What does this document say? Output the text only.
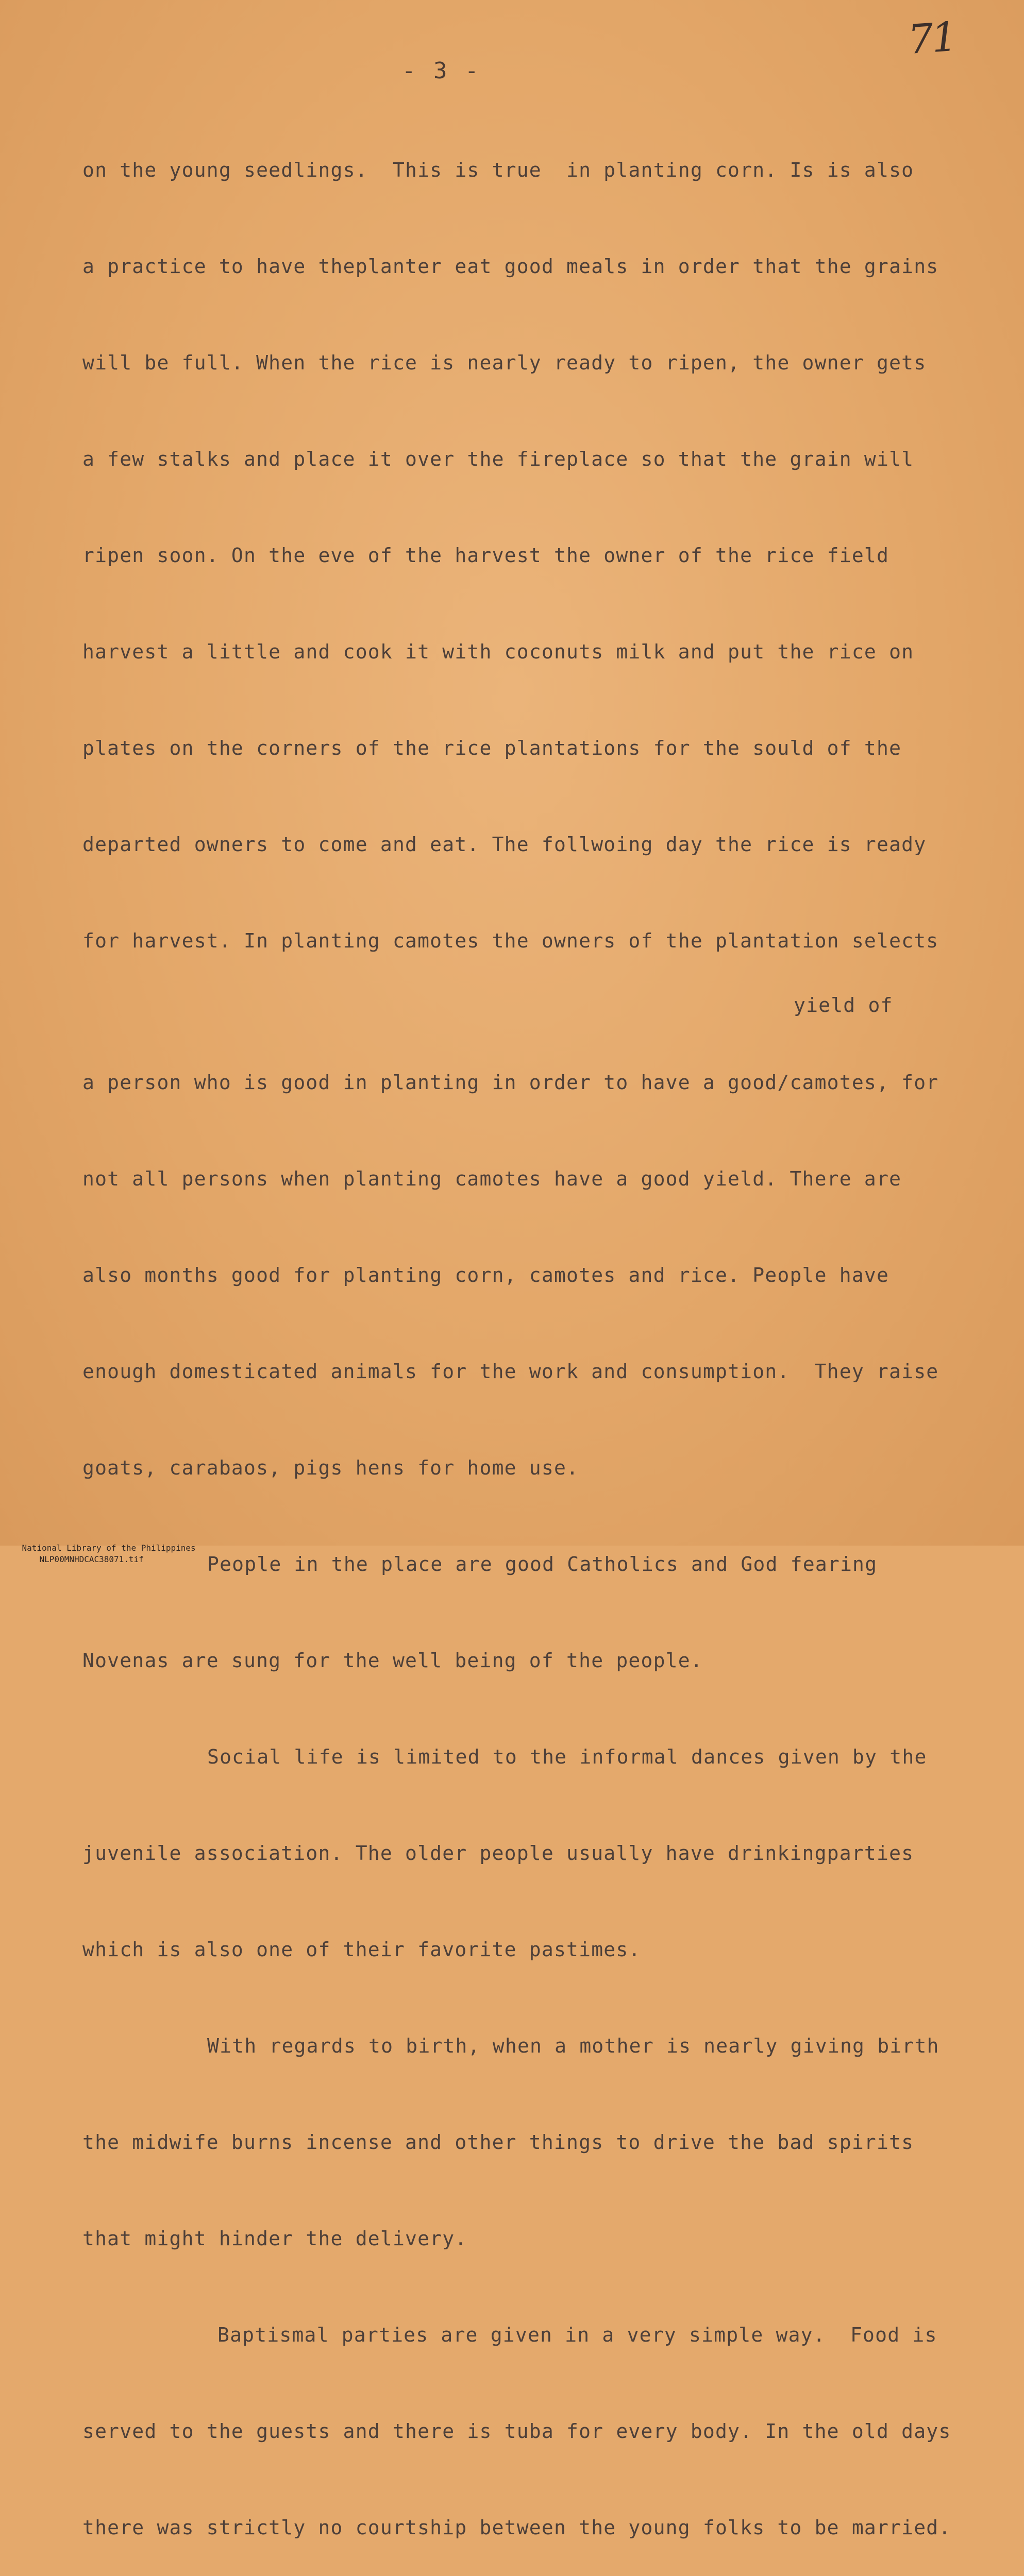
71
- 3 -

on the young seedlings.  This is true  in planting corn. Is is also

a practice to have theplanter eat good meals in order that the grains

will be full. When the rice is nearly ready to ripen, the owner gets

a few stalks and place it over the fireplace so that the grain will

ripen soon. On the eve of the harvest the owner of the rice field

harvest a little and cook it with coconuts milk and put the rice on

plates on the corners of the rice plantations for the sould of the

departed owners to come and eat. The follwoing day the rice is ready

for harvest. In planting camotes the owners of the plantation selects

yield of

a person who is good in planting in order to have a good/camotes, for

not all persons when planting camotes have a good yield. There are

also months good for planting corn, camotes and rice. People have

enough domesticated animals for the work and consumption.  They raise

goats, carabaos, pigs hens for home use.

People in the place are good Catholics and God fearing

Novenas are sung for the well being of the people.

Social life is limited to the informal dances given by the

juvenile association. The older people usually have drinkingparties

which is also one of their favorite pastimes.

With regards to birth, when a mother is nearly giving birth

the midwife burns incense and other things to drive the bad spirits

that might hinder the delivery.

Baptismal parties are given in a very simple way.  Food is

served to the guests and there is tuba for every body. In the old days

there was strictly no courtship between the young folks to be married.

National Library of the Philippines
NLP00MNHDCAC38071.tif
